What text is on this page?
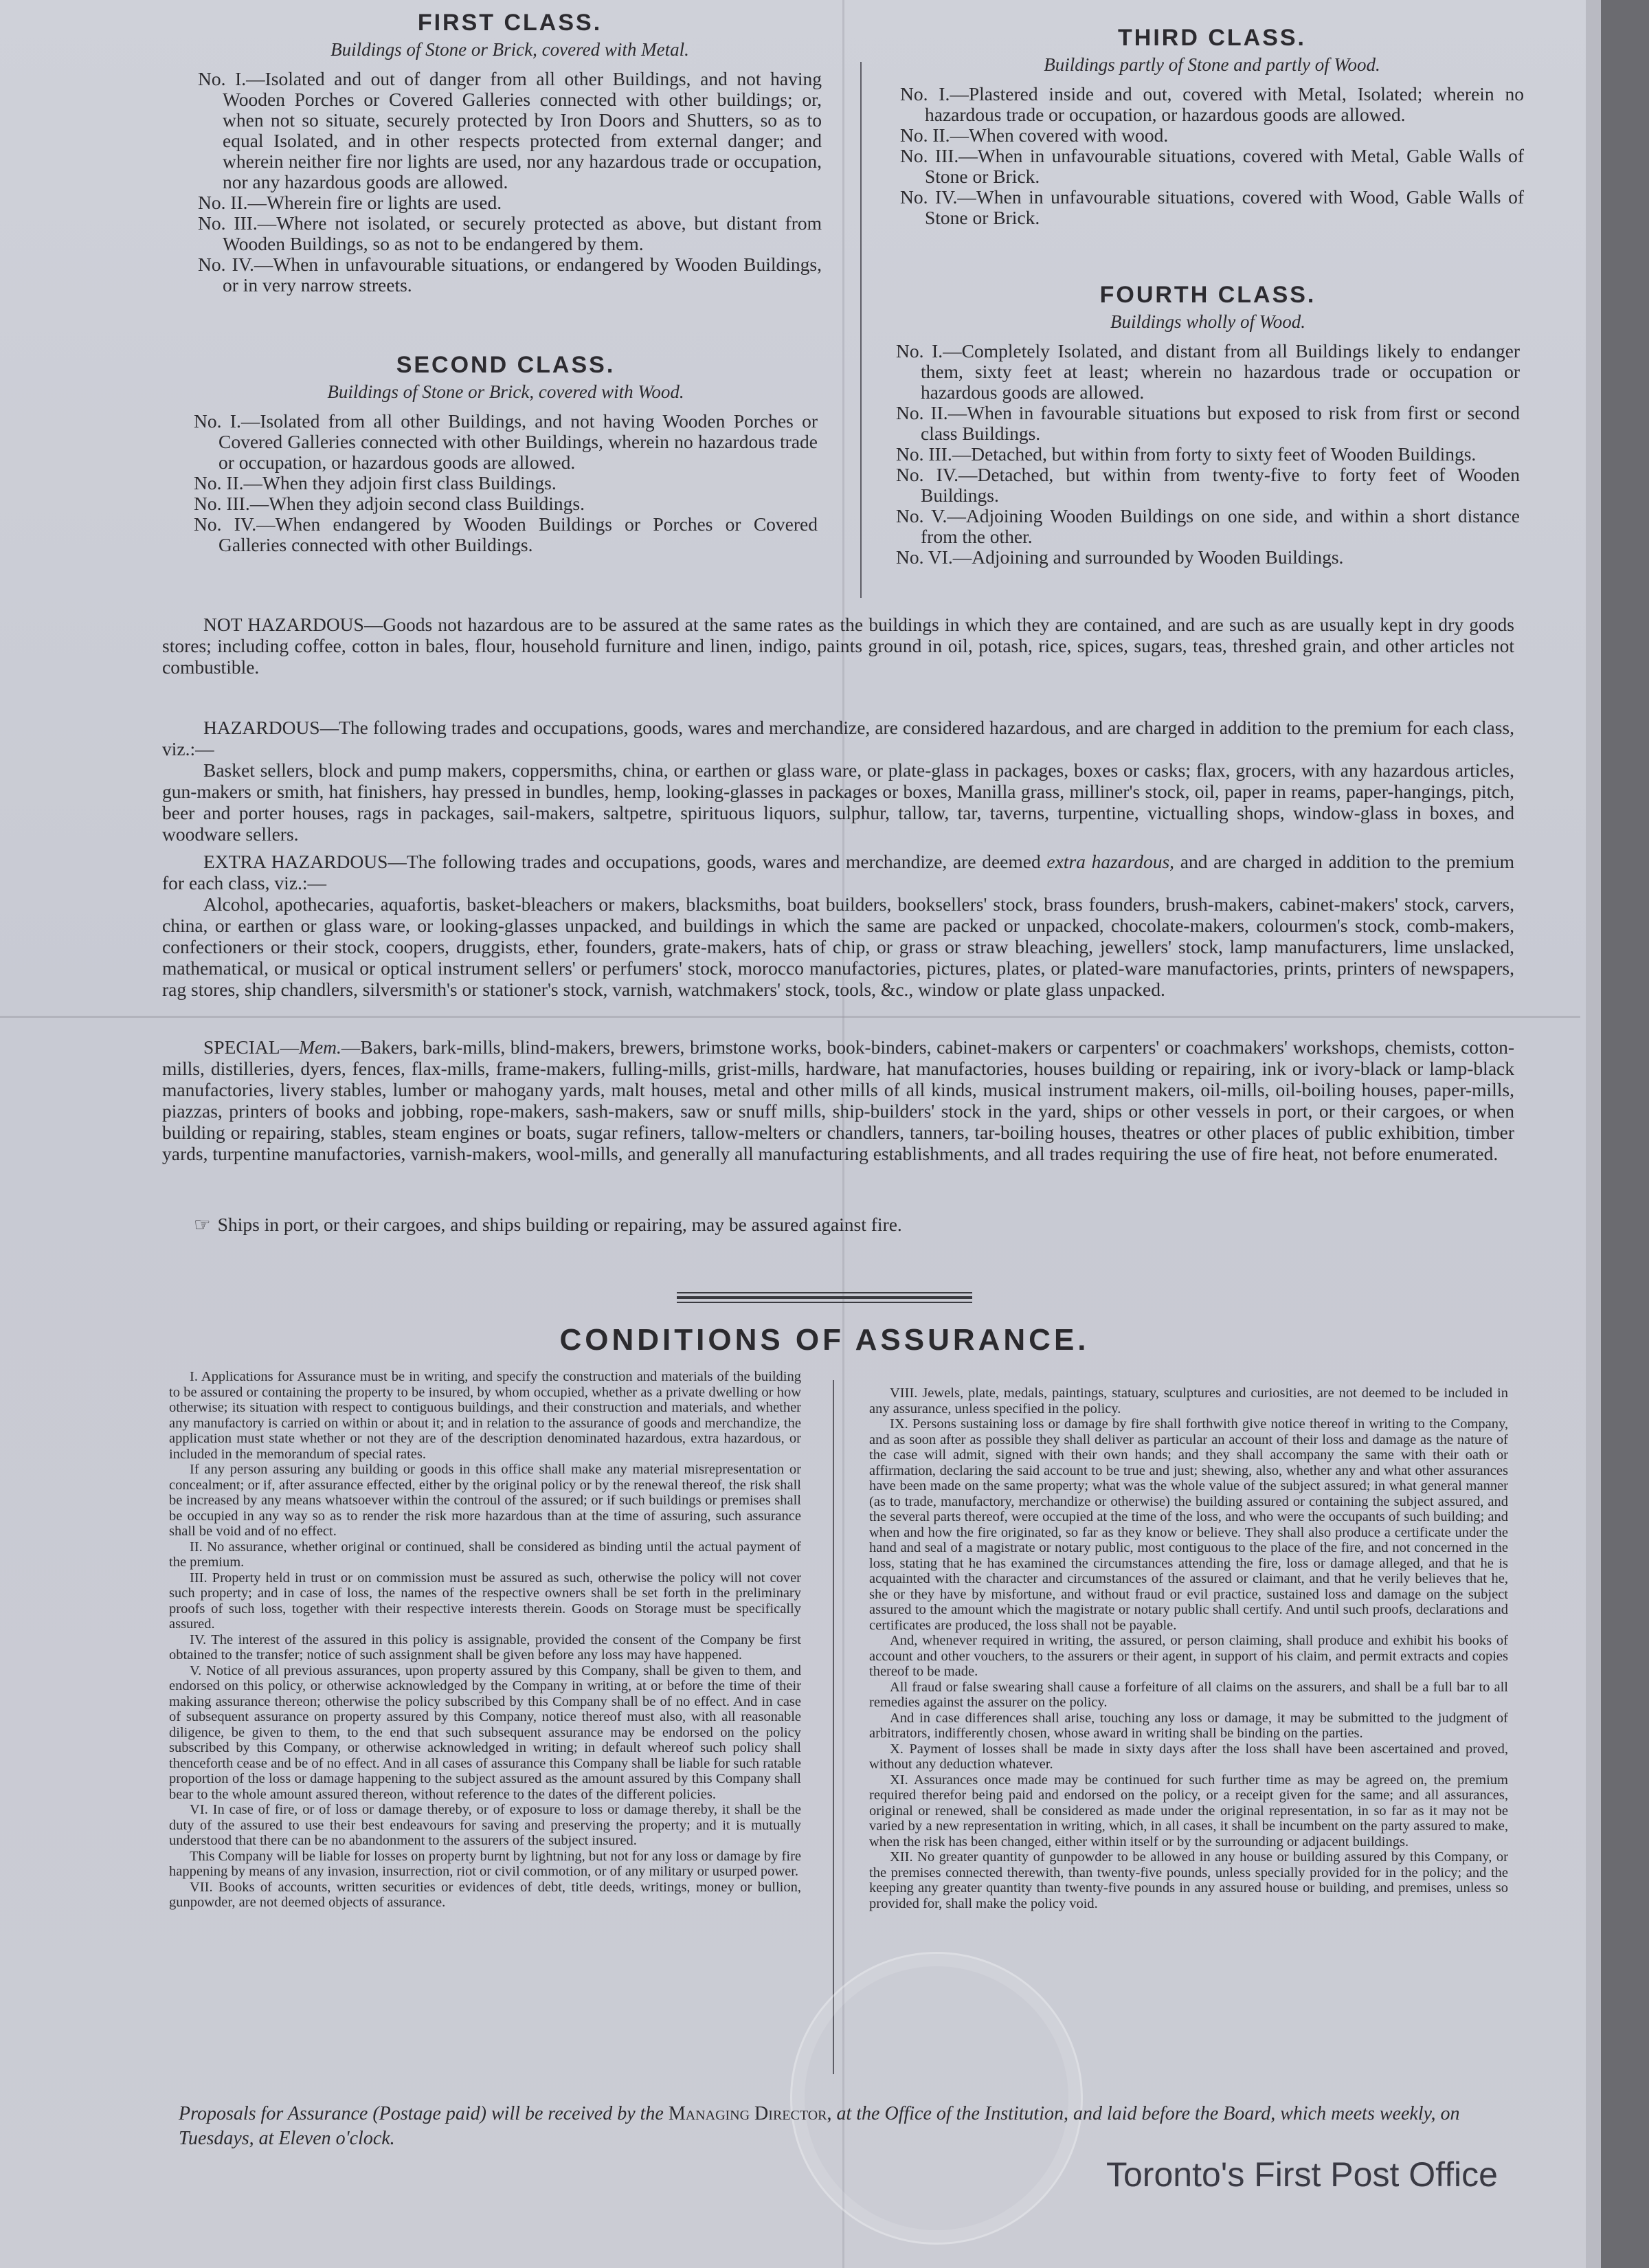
FIRST CLASS.
Buildings of Stone or Brick, covered with Metal.

No. I.—Isolated and out of danger from all other Buildings, and not having Wooden Porches or Covered Galleries connected with other buildings; or, when not so situate, securely protected by Iron Doors and Shutters, so as to equal Isolated, and in other respects protected from external danger; and wherein neither fire nor lights are used, nor any hazardous trade or occupation, nor any hazardous goods are allowed.

No. II.—Wherein fire or lights are used.

No. III.—Where not isolated, or securely protected as above, but distant from Wooden Buildings, so as not to be endangered by them.

No. IV.—When in unfavourable situations, or endangered by Wooden Buildings, or in very narrow streets.

SECOND CLASS.
Buildings of Stone or Brick, covered with Wood.

No. I.—Isolated from all other Buildings, and not having Wooden Porches or Covered Galleries connected with other Buildings, wherein no hazardous trade or occupation, or hazardous goods are allowed.

No. II.—When they adjoin first class Buildings.

No. III.—When they adjoin second class Buildings.

No. IV.—When endangered by Wooden Buildings or Porches or Covered Galleries connected with other Buildings.

THIRD CLASS.
Buildings partly of Stone and partly of Wood.

No. I.—Plastered inside and out, covered with Metal, Isolated; wherein no hazardous trade or occupation, or hazardous goods are allowed.

No. II.—When covered with wood.

No. III.—When in unfavourable situations, covered with Metal, Gable Walls of Stone or Brick.

No. IV.—When in unfavourable situations, covered with Wood, Gable Walls of Stone or Brick.

FOURTH CLASS.
Buildings wholly of Wood.

No. I.—Completely Isolated, and distant from all Buildings likely to endanger them, sixty feet at least; wherein no hazardous trade or occupation or hazardous goods are allowed.

No. II.—When in favourable situations but exposed to risk from first or second class Buildings.

No. III.—Detached, but within from forty to sixty feet of Wooden Buildings.

No. IV.—Detached, but within from twenty-five to forty feet of Wooden Buildings.

No. V.—Adjoining Wooden Buildings on one side, and within a short distance from the other.

No. VI.—Adjoining and surrounded by Wooden Buildings.

NOT HAZARDOUS—Goods not hazardous are to be assured at the same rates as the buildings in which they are contained, and are such as are usually kept in dry goods stores; including coffee, cotton in bales, flour, household furniture and linen, indigo, paints ground in oil, potash, rice, spices, sugars, teas, threshed grain, and other articles not combustible.

HAZARDOUS—The following trades and occupations, goods, wares and merchandize, are considered hazardous, and are charged in addition to the premium for each class, viz.:—

Basket sellers, block and pump makers, coppersmiths, china, or earthen or glass ware, or plate-glass in packages, boxes or casks; flax, grocers, with any hazardous articles, gun-makers or smith, hat finishers, hay pressed in bundles, hemp, looking-glasses in packages or boxes, Manilla grass, milliner's stock, oil, paper in reams, paper-hangings, pitch, beer and porter houses, rags in packages, sail-makers, saltpetre, spirituous liquors, sulphur, tallow, tar, taverns, turpentine, victualling shops, window-glass in boxes, and woodware sellers.

EXTRA HAZARDOUS—The following trades and occupations, goods, wares and merchandize, are deemed extra hazardous, and are charged in addition to the premium for each class, viz.:—

Alcohol, apothecaries, aquafortis, basket-bleachers or makers, blacksmiths, boat builders, booksellers' stock, brass founders, brush-makers, cabinet-makers' stock, carvers, china, or earthen or glass ware, or looking-glasses unpacked, and buildings in which the same are packed or unpacked, chocolate-makers, colourmen's stock, comb-makers, confectioners or their stock, coopers, druggists, ether, founders, grate-makers, hats of chip, or grass or straw bleaching, jewellers' stock, lamp manufacturers, lime unslacked, mathematical, or musical or optical instrument sellers' or perfumers' stock, morocco manufactories, pictures, plates, or plated-ware manufactories, prints, printers of newspapers, rag stores, ship chandlers, silversmith's or stationer's stock, varnish, watchmakers' stock, tools, &c., window or plate glass unpacked.

SPECIAL—Mem.—Bakers, bark-mills, blind-makers, brewers, brimstone works, book-binders, cabinet-makers or carpenters' or coachmakers' workshops, chemists, cotton-mills, distilleries, dyers, fences, flax-mills, frame-makers, fulling-mills, grist-mills, hardware, hat manufactories, houses building or repairing, ink or ivory-black or lamp-black manufactories, livery stables, lumber or mahogany yards, malt houses, metal and other mills of all kinds, musical instrument makers, oil-mills, oil-boiling houses, paper-mills, piazzas, printers of books and jobbing, rope-makers, sash-makers, saw or snuff mills, ship-builders' stock in the yard, ships or other vessels in port, or their cargoes, or when building or repairing, stables, steam engines or boats, sugar refiners, tallow-melters or chandlers, tanners, tar-boiling houses, theatres or other places of public exhibition, timber yards, turpentine manufactories, varnish-makers, wool-mills, and generally all manufacturing establishments, and all trades requiring the use of fire heat, not before enumerated.

☞ Ships in port, or their cargoes, and ships building or repairing, may be assured against fire.

CONDITIONS OF ASSURANCE.

I. Applications for Assurance must be in writing, and specify the construction and materials of the building to be assured or containing the property to be insured, by whom occupied, whether as a private dwelling or how otherwise; its situation with respect to contiguous buildings, and their construction and materials, and whether any manufactory is carried on within or about it; and in relation to the assurance of goods and merchandize, the application must state whether or not they are of the description denominated hazardous, extra hazardous, or included in the memorandum of special rates.

If any person assuring any building or goods in this office shall make any material misrepresentation or concealment; or if, after assurance effected, either by the original policy or by the renewal thereof, the risk shall be increased by any means whatsoever within the controul of the assured; or if such buildings or premises shall be occupied in any way so as to render the risk more hazardous than at the time of assuring, such assurance shall be void and of no effect.

II. No assurance, whether original or continued, shall be considered as binding until the actual payment of the premium.

III. Property held in trust or on commission must be assured as such, otherwise the policy will not cover such property; and in case of loss, the names of the respective owners shall be set forth in the preliminary proofs of such loss, together with their respective interests therein. Goods on Storage must be specifically assured.

IV. The interest of the assured in this policy is assignable, provided the consent of the Company be first obtained to the transfer; notice of such assignment shall be given before any loss may have happened.

V. Notice of all previous assurances, upon property assured by this Company, shall be given to them, and endorsed on this policy, or otherwise acknowledged by the Company in writing, at or before the time of their making assurance thereon; otherwise the policy subscribed by this Company shall be of no effect. And in case of subsequent assurance on property assured by this Company, notice thereof must also, with all reasonable diligence, be given to them, to the end that such subsequent assurance may be endorsed on the policy subscribed by this Company, or otherwise acknowledged in writing; in default whereof such policy shall thenceforth cease and be of no effect. And in all cases of assurance this Company shall be liable for such ratable proportion of the loss or damage happening to the subject assured as the amount assured by this Company shall bear to the whole amount assured thereon, without reference to the dates of the different policies.

VI. In case of fire, or of loss or damage thereby, or of exposure to loss or damage thereby, it shall be the duty of the assured to use their best endeavours for saving and preserving the property; and it is mutually understood that there can be no abandonment to the assurers of the subject insured.

This Company will be liable for losses on property burnt by lightning, but not for any loss or damage by fire happening by means of any invasion, insurrection, riot or civil commotion, or of any military or usurped power.

VII. Books of accounts, written securities or evidences of debt, title deeds, writings, money or bullion, gunpowder, are not deemed objects of assurance.

VIII. Jewels, plate, medals, paintings, statuary, sculptures and curiosities, are not deemed to be included in any assurance, unless specified in the policy.

IX. Persons sustaining loss or damage by fire shall forthwith give notice thereof in writing to the Company, and as soon after as possible they shall deliver as particular an account of their loss and damage as the nature of the case will admit, signed with their own hands; and they shall accompany the same with their oath or affirmation, declaring the said account to be true and just; shewing, also, whether any and what other assurances have been made on the same property; what was the whole value of the subject assured; in what general manner (as to trade, manufactory, merchandize or otherwise) the building assured or containing the subject assured, and the several parts thereof, were occupied at the time of the loss, and who were the occupants of such building; and when and how the fire originated, so far as they know or believe. They shall also produce a certificate under the hand and seal of a magistrate or notary public, most contiguous to the place of the fire, and not concerned in the loss, stating that he has examined the circumstances attending the fire, loss or damage alleged, and that he is acquainted with the character and circumstances of the assured or claimant, and that he verily believes that he, she or they have by misfortune, and without fraud or evil practice, sustained loss and damage on the subject assured to the amount which the magistrate or notary public shall certify. And until such proofs, declarations and certificates are produced, the loss shall not be payable.

And, whenever required in writing, the assured, or person claiming, shall produce and exhibit his books of account and other vouchers, to the assurers or their agent, in support of his claim, and permit extracts and copies thereof to be made.

All fraud or false swearing shall cause a forfeiture of all claims on the assurers, and shall be a full bar to all remedies against the assurer on the policy.

And in case differences shall arise, touching any loss or damage, it may be submitted to the judgment of arbitrators, indifferently chosen, whose award in writing shall be binding on the parties.

X. Payment of losses shall be made in sixty days after the loss shall have been ascertained and proved, without any deduction whatever.

XI. Assurances once made may be continued for such further time as may be agreed on, the premium required therefor being paid and endorsed on the policy, or a receipt given for the same; and all assurances, original or renewed, shall be considered as made under the original representation, in so far as it may not be varied by a new representation in writing, which, in all cases, it shall be incumbent on the party assured to make, when the risk has been changed, either within itself or by the surrounding or adjacent buildings.

XII. No greater quantity of gunpowder to be allowed in any house or building assured by this Company, or the premises connected therewith, than twenty-five pounds, unless specially provided for in the policy; and the keeping any greater quantity than twenty-five pounds in any assured house or building, and premises, unless so provided for, shall make the policy void.

Proposals for Assurance (Postage paid) will be received by the Managing Director, at the Office of the Institution, and laid before the Board, which meets weekly, on Tuesdays, at Eleven o'clock.

Toronto's First Post Office
